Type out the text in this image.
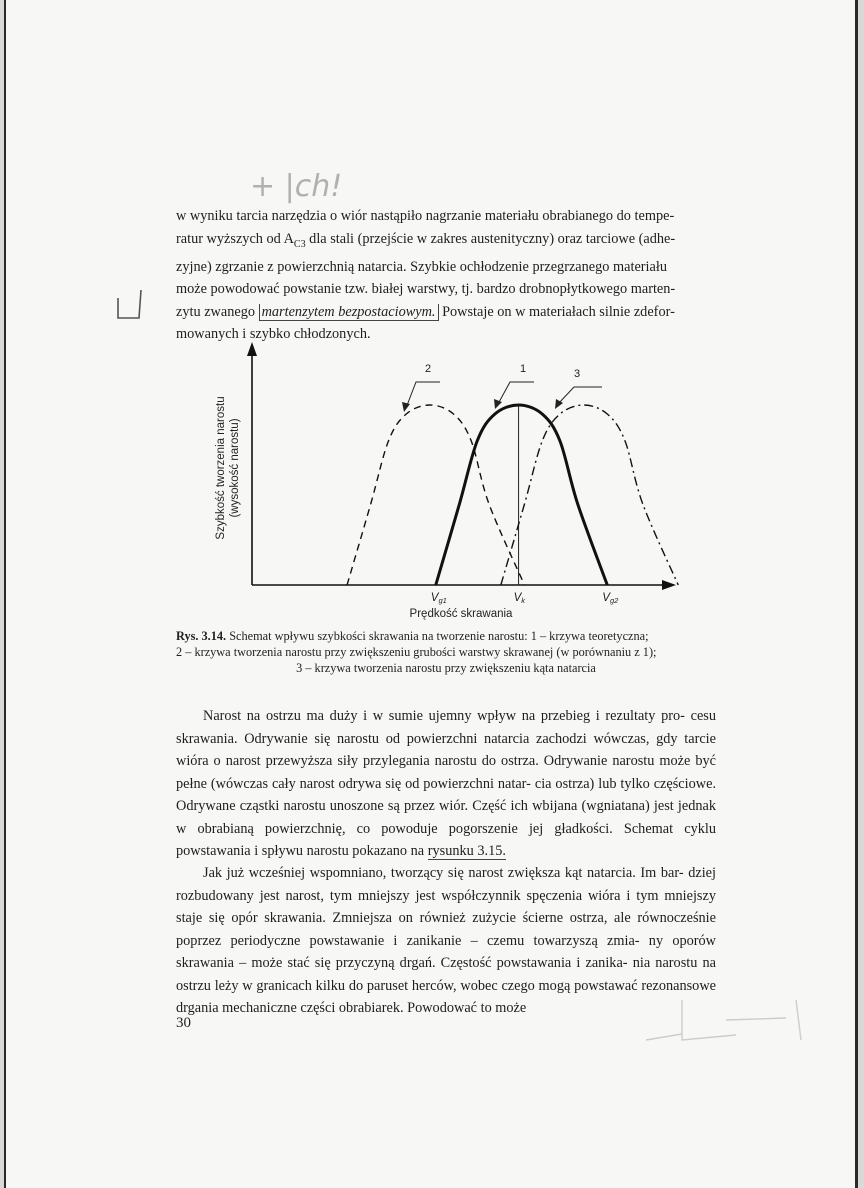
+ |ch!
w wyniku tarcia narzędzia o wiór nastąpiło nagrzanie materiału obrabianego do tempe-
ratur wyższych od $A_{C3}$ dla stali (przejście w zakres austenityczny) oraz tarciowe (adhe-
zyjne) zgrzanie z powierzchnią natarcia. Szybkie ochłodzenie przegrzanego materiału
może powodować powstanie tzw. białej warstwy, tj. bardzo drobnopłytkowego marten-
zytu zwanego martenzytem bezpostaciowym. Powstaje on w materiałach silnie zdefor-
mowanych i szybko chłodzonych.
Szybkość tworzenia narostu (wysokość narostu)
Prędkość skrawania
Vg1	Vk	Vg2
2	1	3
Rys. 3.14. Schemat wpływu szybkości skrawania na tworzenie narostu: 1 – krzywa teoretyczna;
2 – krzywa tworzenia narostu przy zwiększeniu grubości warstwy skrawanej (w porównaniu z 1);
3 – krzywa tworzenia narostu przy zwiększeniu kąta natarcia
Narost na ostrzu ma duży i w sumie ujemny wpływ na przebieg i rezultaty pro- cesu skrawania. Odrywanie się narostu od powierzchni natarcia zachodzi wówczas, gdy tarcie wióra o narost przewyższa siły przylegania narostu do ostrza. Odrywanie narostu może być pełne (wówczas cały narost odrywa się od powierzchni natar- cia ostrza) lub tylko częściowe. Odrywane cząstki narostu unoszone są przez wiór. Część ich wbijana (wgniatana) jest jednak w obrabianą powierzchnię, co powoduje pogorszenie jej gładkości. Schemat cyklu powstawania i spływu narostu pokazano na rysunku 3.15.
Jak już wcześniej wspomniano, tworzący się narost zwiększa kąt natarcia. Im bar- dziej rozbudowany jest narost, tym mniejszy jest współczynnik spęczenia wióra i tym mniejszy staje się opór skrawania. Zmniejsza on również zużycie ścierne ostrza, ale równocześnie poprzez periodyczne powstawanie i zanikanie – czemu towarzyszą zmia- ny oporów skrawania – może stać się przyczyną drgań. Częstość powstawania i zanika- nia narostu na ostrzu leży w granicach kilku do paruset herców, wobec czego mogą powstawać rezonansowe drgania mechaniczne części obrabiarek. Powodować to może
30
